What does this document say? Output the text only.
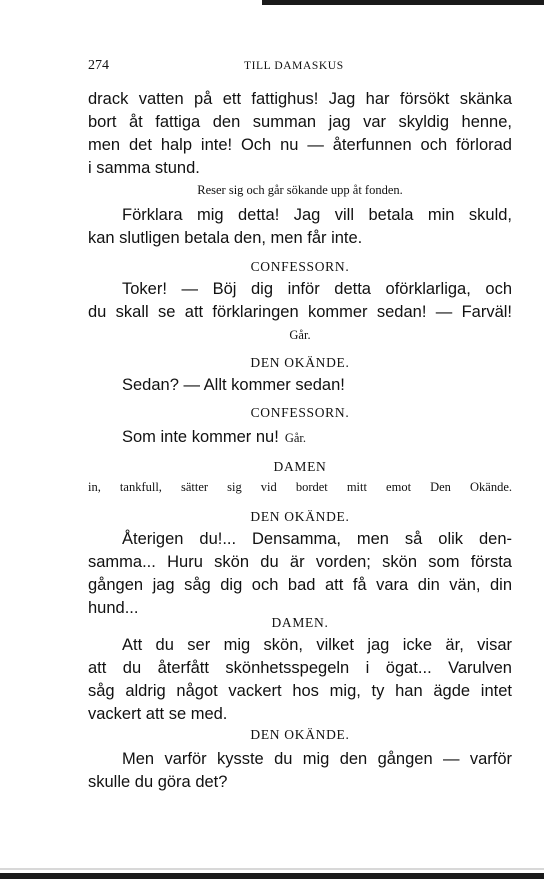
274	TILL DAMASKUS
drack vatten på ett fattighus! Jag har försökt skänka
bort åt fattiga den summan jag var skyldig henne,
men det halp inte! Och nu — återfunnen och förlorad
i samma stund.
Reser sig och går sökande upp åt fonden.
Förklara mig detta! Jag vill betala min skuld,
kan slutligen betala den, men får inte.
CONFESSORN.
Toker! — Böj dig inför detta oförklarliga, och
du skall se att förklaringen kommer sedan! — Farväl!
Går.
DEN OKÄNDE.
Sedan? — Allt kommer sedan!
CONFESSORN.
Som inte kommer nu! Går.
DAMEN
in, tankfull, sätter sig vid bordet mitt emot Den Okände.
DEN OKÄNDE.
Återigen du!... Densamma, men så olik den-
samma... Huru skön du är vorden; skön som första
gången jag såg dig och bad att få vara din vän, din
hund...
DAMEN.
Att du ser mig skön, vilket jag icke är, visar
att du återfått skönhetsspegeln i ögat... Varulven
såg aldrig något vackert hos mig, ty han ägde intet
vackert att se med.
DEN OKÄNDE.
Men varför kysste du mig den gången — varför
skulle du göra det?
